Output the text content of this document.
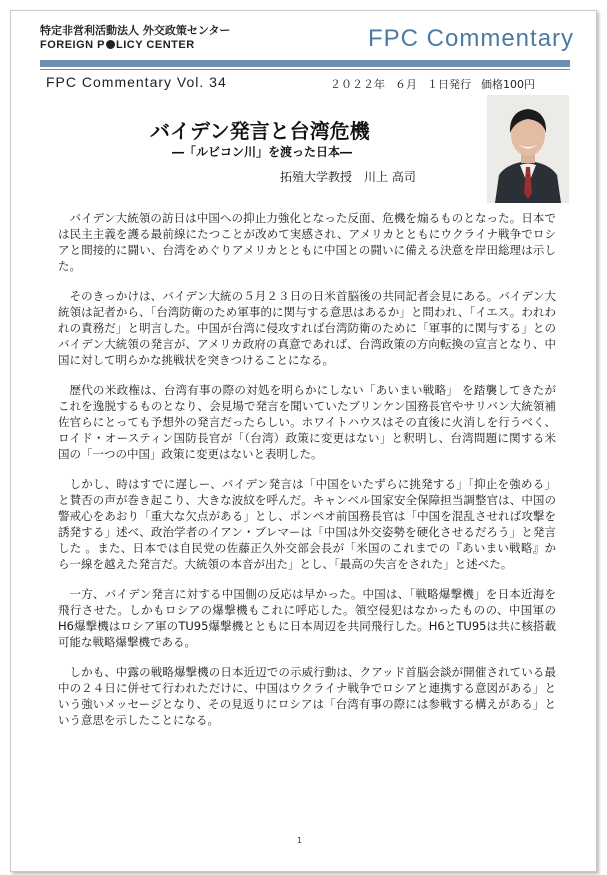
特定非営利活動法人 外交政策センター
FOREIGN P LICY CENTER	FPC Commentary
FPC Commentary Vol. 34	２０２２年 ６月 １日発行 価格100円
バイデン発言と台湾危機
―「ルビコン川」を渡った日本―
拓殖大学教授　川上 高司

バイデン大統領の訪日は中国への抑止力強化となった反面、危機を煽るものとなった。日本では民主主義を護る最前線にたつことが改めて実感され、アメリカとともにウクライナ戦争でロシアと間接的に闘い、台湾をめぐりアメリカとともに中国との闘いに備える決意を岸田総理は示した。

そのきっかけは、バイデン大統の５月２３日の日米首脳後の共同記者会見にある。バイデン大統領は記者から、「台湾防衛のため軍事的に関与する意思はあるか」と問われ、「イエス。われわれの責務だ」と明言した。中国が台湾に侵攻すれば台湾防衛のために「軍事的に関与する」とのバイデン大統領の発言が、アメリカ政府の真意であれば、台湾政策の方向転換の宣言となり、中国に対して明らかな挑戦状を突きつけることになる。

歴代の米政権は、台湾有事の際の対処を明らかにしない「あいまい戦略」 を踏襲してきたがこれを逸脱するものとなり、会見場で発言を聞いていたブリンケン国務長官やサリバン大統領補佐官らにとっても予想外の発言だったらしい。ホワイトハウスはその直後に火消しを行うべく、ロイド・オースティン国防長官が「（台湾）政策に変更はない」と釈明し、台湾問題に関する米国の「一つの中国」政策に変更はないと表明した。

しかし、時はすでに遅しー、バイデン発言は「中国をいたずらに挑発する」「抑止を強める」と賛否の声が巻き起こり、大きな波紋を呼んだ。キャンベル国家安全保障担当調整官は、中国の警戒心をあおり「重大な欠点がある」とし、ポンペオ前国務長官は「中国を混乱させれば攻撃を誘発する」述べ、政治学者のイアン・ブレマーは「中国は外交姿勢を硬化させるだろう」と発言した 。また、日本では自民党の佐藤正久外交部会長が「米国のこれまでの『あいまい戦略』から一線を越えた発言だ。大統領の本音が出た」とし、「最高の失言をされた」と述べた。

一方、バイデン発言に対する中国側の反応は早かった。中国は、「戦略爆撃機」を日本近海を飛行させた。しかもロシアの爆撃機もこれに呼応した。領空侵犯はなかったものの、中国軍のH6爆撃機はロシア軍のTU95爆撃機とともに日本周辺を共同飛行した。H6とTU95は共に核搭載可能な戦略爆撃機である。

しかも、中露の戦略爆撃機の日本近辺での示威行動は、クアッド首脳会談が開催されている最中の２４日に併せて行われただけに、中国はウクライナ戦争でロシアと連携する意図がある」という強いメッセージとなり、その見返りにロシアは「台湾有事の際には参戦する構えがある」という意思を示したことになる。

1
